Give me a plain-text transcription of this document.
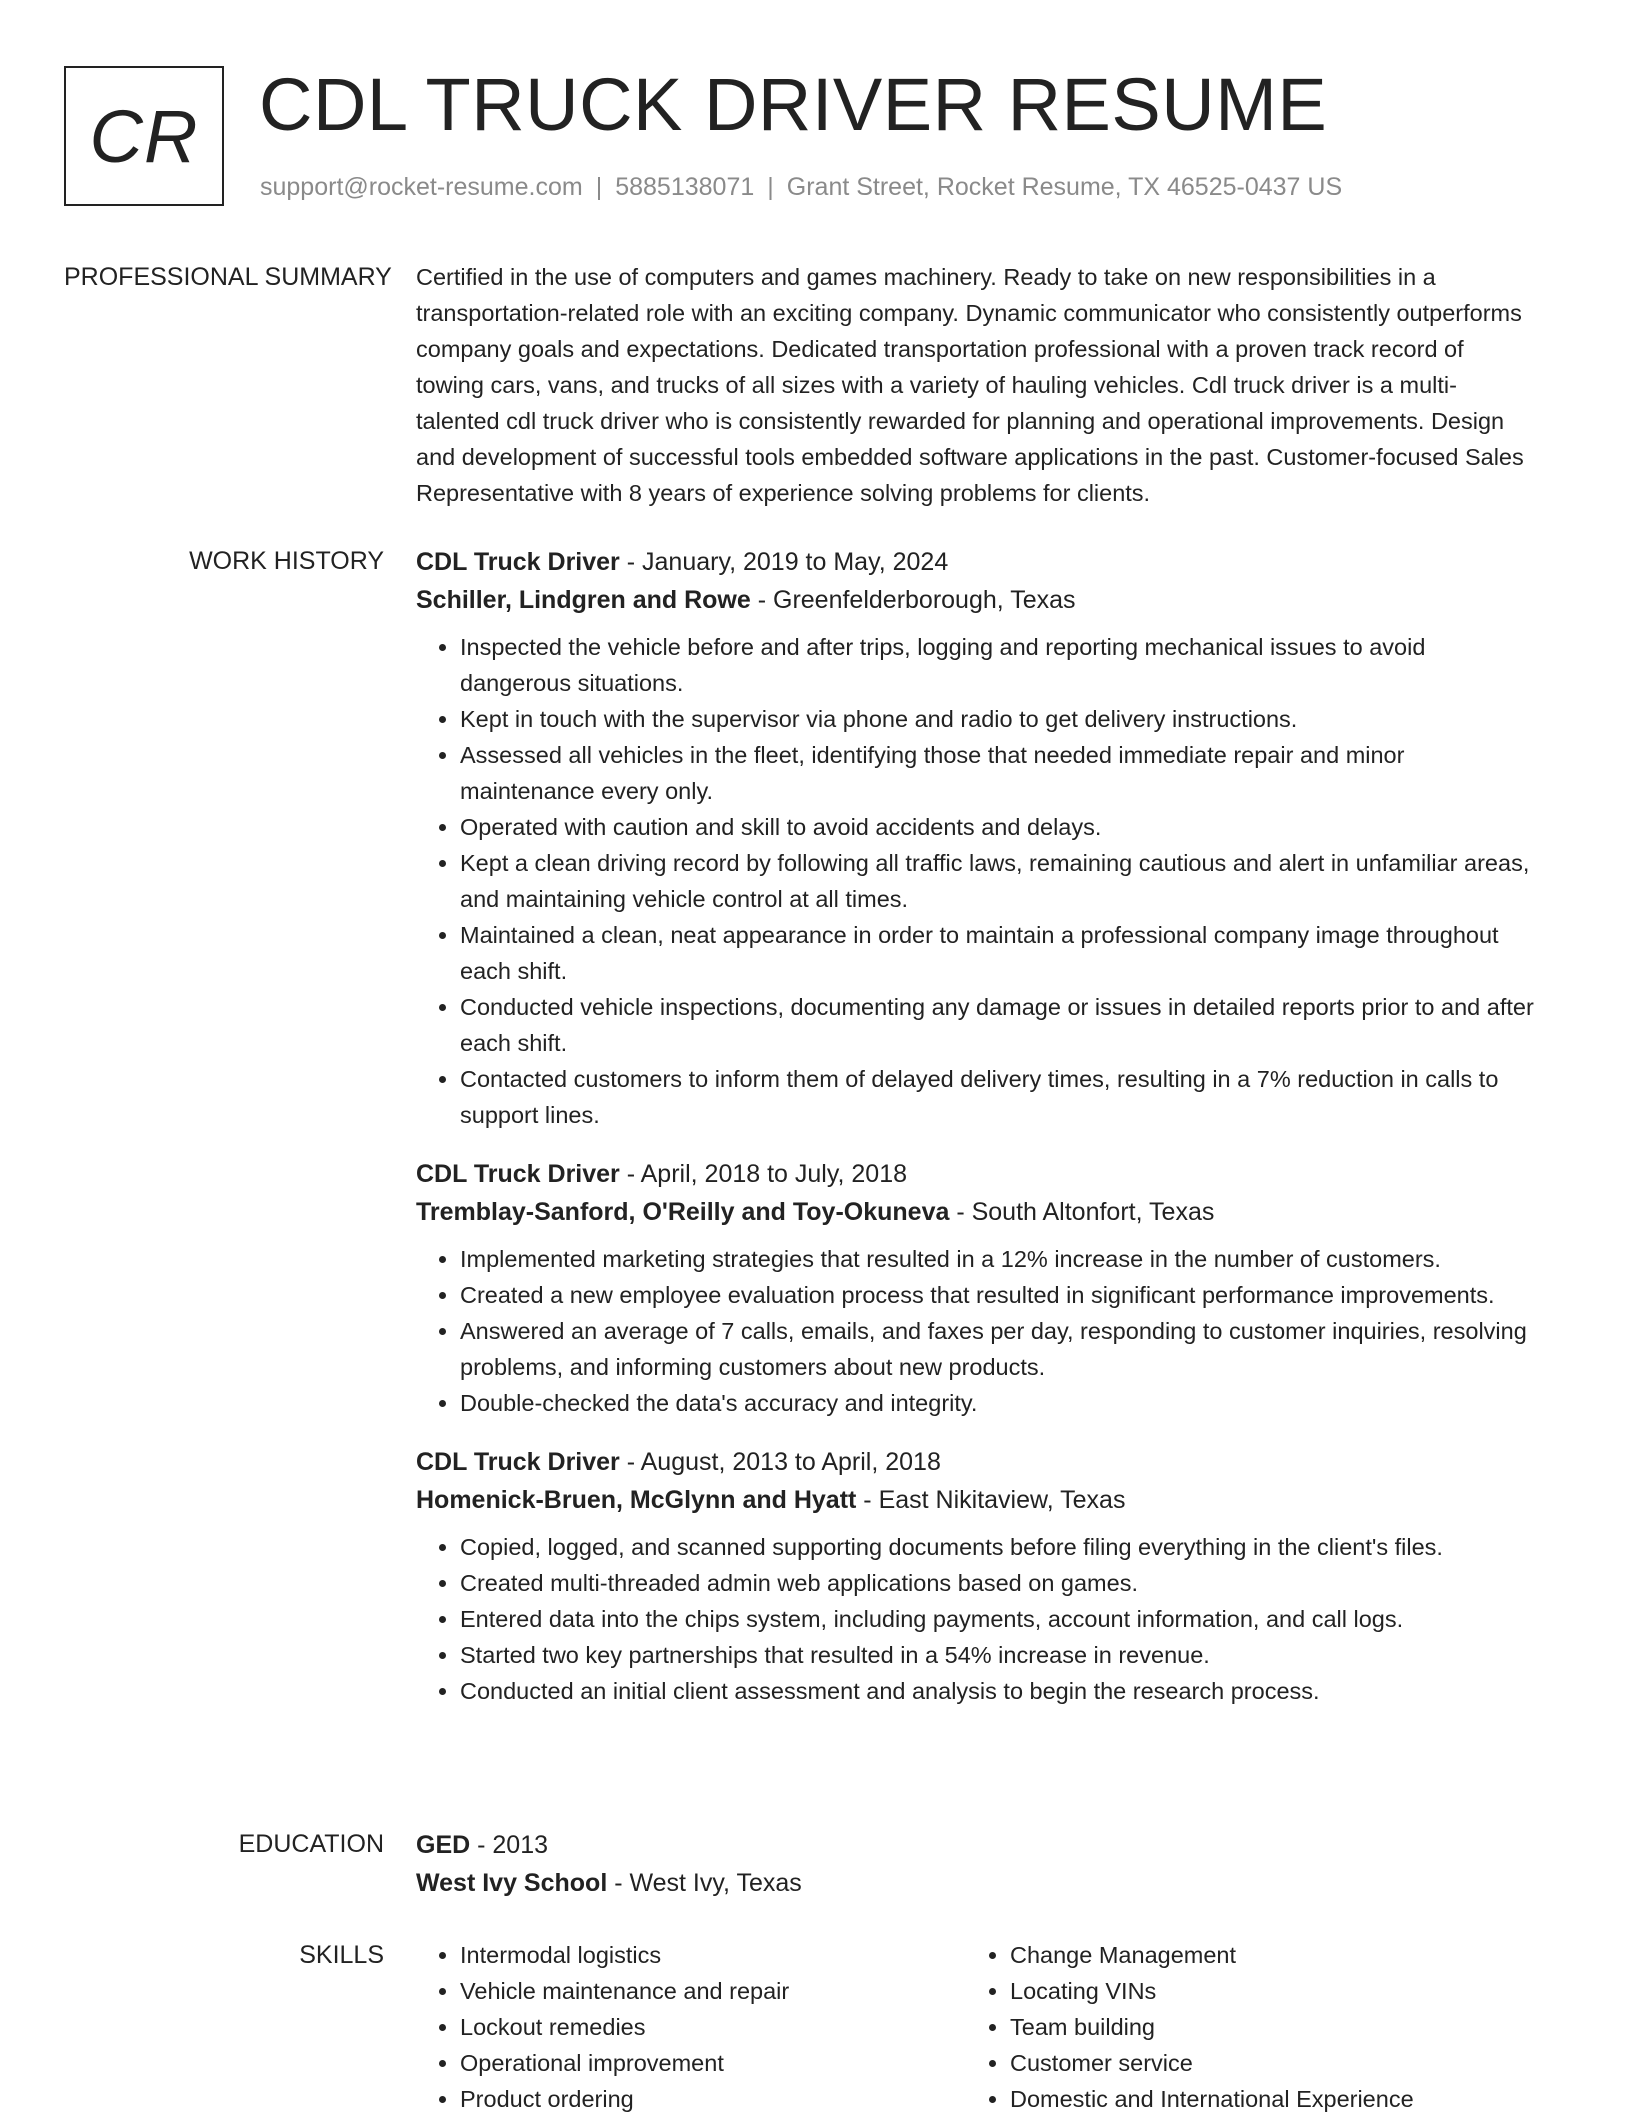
CR CDL TRUCK DRIVER RESUME
support@rocket-resume.com | 5885138071 | Grant Street, Rocket Resume, TX 46525-0437 US
PROFESSIONAL SUMMARY	Certified in the use of computers and games machinery. Ready to take on new responsibilities in a transportation-related role with an exciting company. Dynamic communicator who consistently outperforms company goals and expectations. Dedicated transportation professional with a proven track record of towing cars, vans, and trucks of all sizes with a variety of hauling vehicles. Cdl truck driver is a multi-talented cdl truck driver who is consistently rewarded for planning and operational improvements. Design and development of successful tools embedded software applications in the past. Customer-focused Sales Representative with 8 years of experience solving problems for clients.

WORK HISTORY	CDL Truck Driver - January, 2019 to May, 2024
Schiller, Lindgren and Rowe - Greenfelderborough, Texas
• Inspected the vehicle before and after trips, logging and reporting mechanical issues to avoid dangerous situations.
• Kept in touch with the supervisor via phone and radio to get delivery instructions.
• Assessed all vehicles in the fleet, identifying those that needed immediate repair and minor maintenance every only.
• Operated with caution and skill to avoid accidents and delays.
• Kept a clean driving record by following all traffic laws, remaining cautious and alert in unfamiliar areas, and maintaining vehicle control at all times.
• Maintained a clean, neat appearance in order to maintain a professional company image throughout each shift.
• Conducted vehicle inspections, documenting any damage or issues in detailed reports prior to and after each shift.
• Contacted customers to inform them of delayed delivery times, resulting in a 7% reduction in calls to support lines.
CDL Truck Driver - April, 2018 to July, 2018
Tremblay-Sanford, O'Reilly and Toy-Okuneva - South Altonfort, Texas
• Implemented marketing strategies that resulted in a 12% increase in the number of customers.
• Created a new employee evaluation process that resulted in significant performance improvements.
• Answered an average of 7 calls, emails, and faxes per day, responding to customer inquiries, resolving problems, and informing customers about new products.
• Double-checked the data's accuracy and integrity.
CDL Truck Driver - August, 2013 to April, 2018
Homenick-Bruen, McGlynn and Hyatt - East Nikitaview, Texas
• Copied, logged, and scanned supporting documents before filing everything in the client's files.
• Created multi-threaded admin web applications based on games.
• Entered data into the chips system, including payments, account information, and call logs.
• Started two key partnerships that resulted in a 54% increase in revenue.
• Conducted an initial client assessment and analysis to begin the research process.
EDUCATION	GED - 2013
West Ivy School - West Ivy, Texas
SKILLS
•	Intermodal logistics
• Vehicle maintenance and repair
• Lockout remedies
• Operational improvement
• Product ordering
• Change Management
• Locating VINs
• Team building
• Customer service
• Domestic and International Experience
